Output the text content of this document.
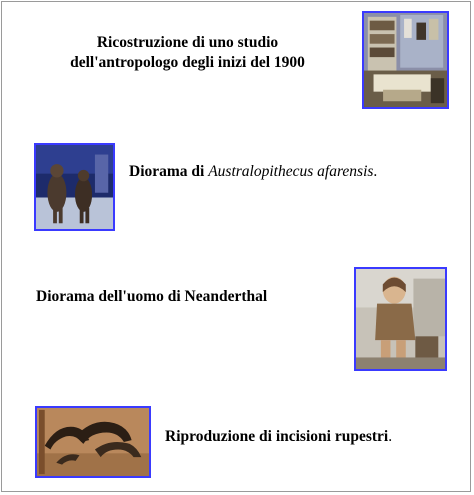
Ricostruzione di uno studio
dell'antropologo degli inizi del 1900
Diorama di Australopithecus afarensis.
Diorama dell'uomo di Neanderthal
Riproduzione di incisioni rupestri.
